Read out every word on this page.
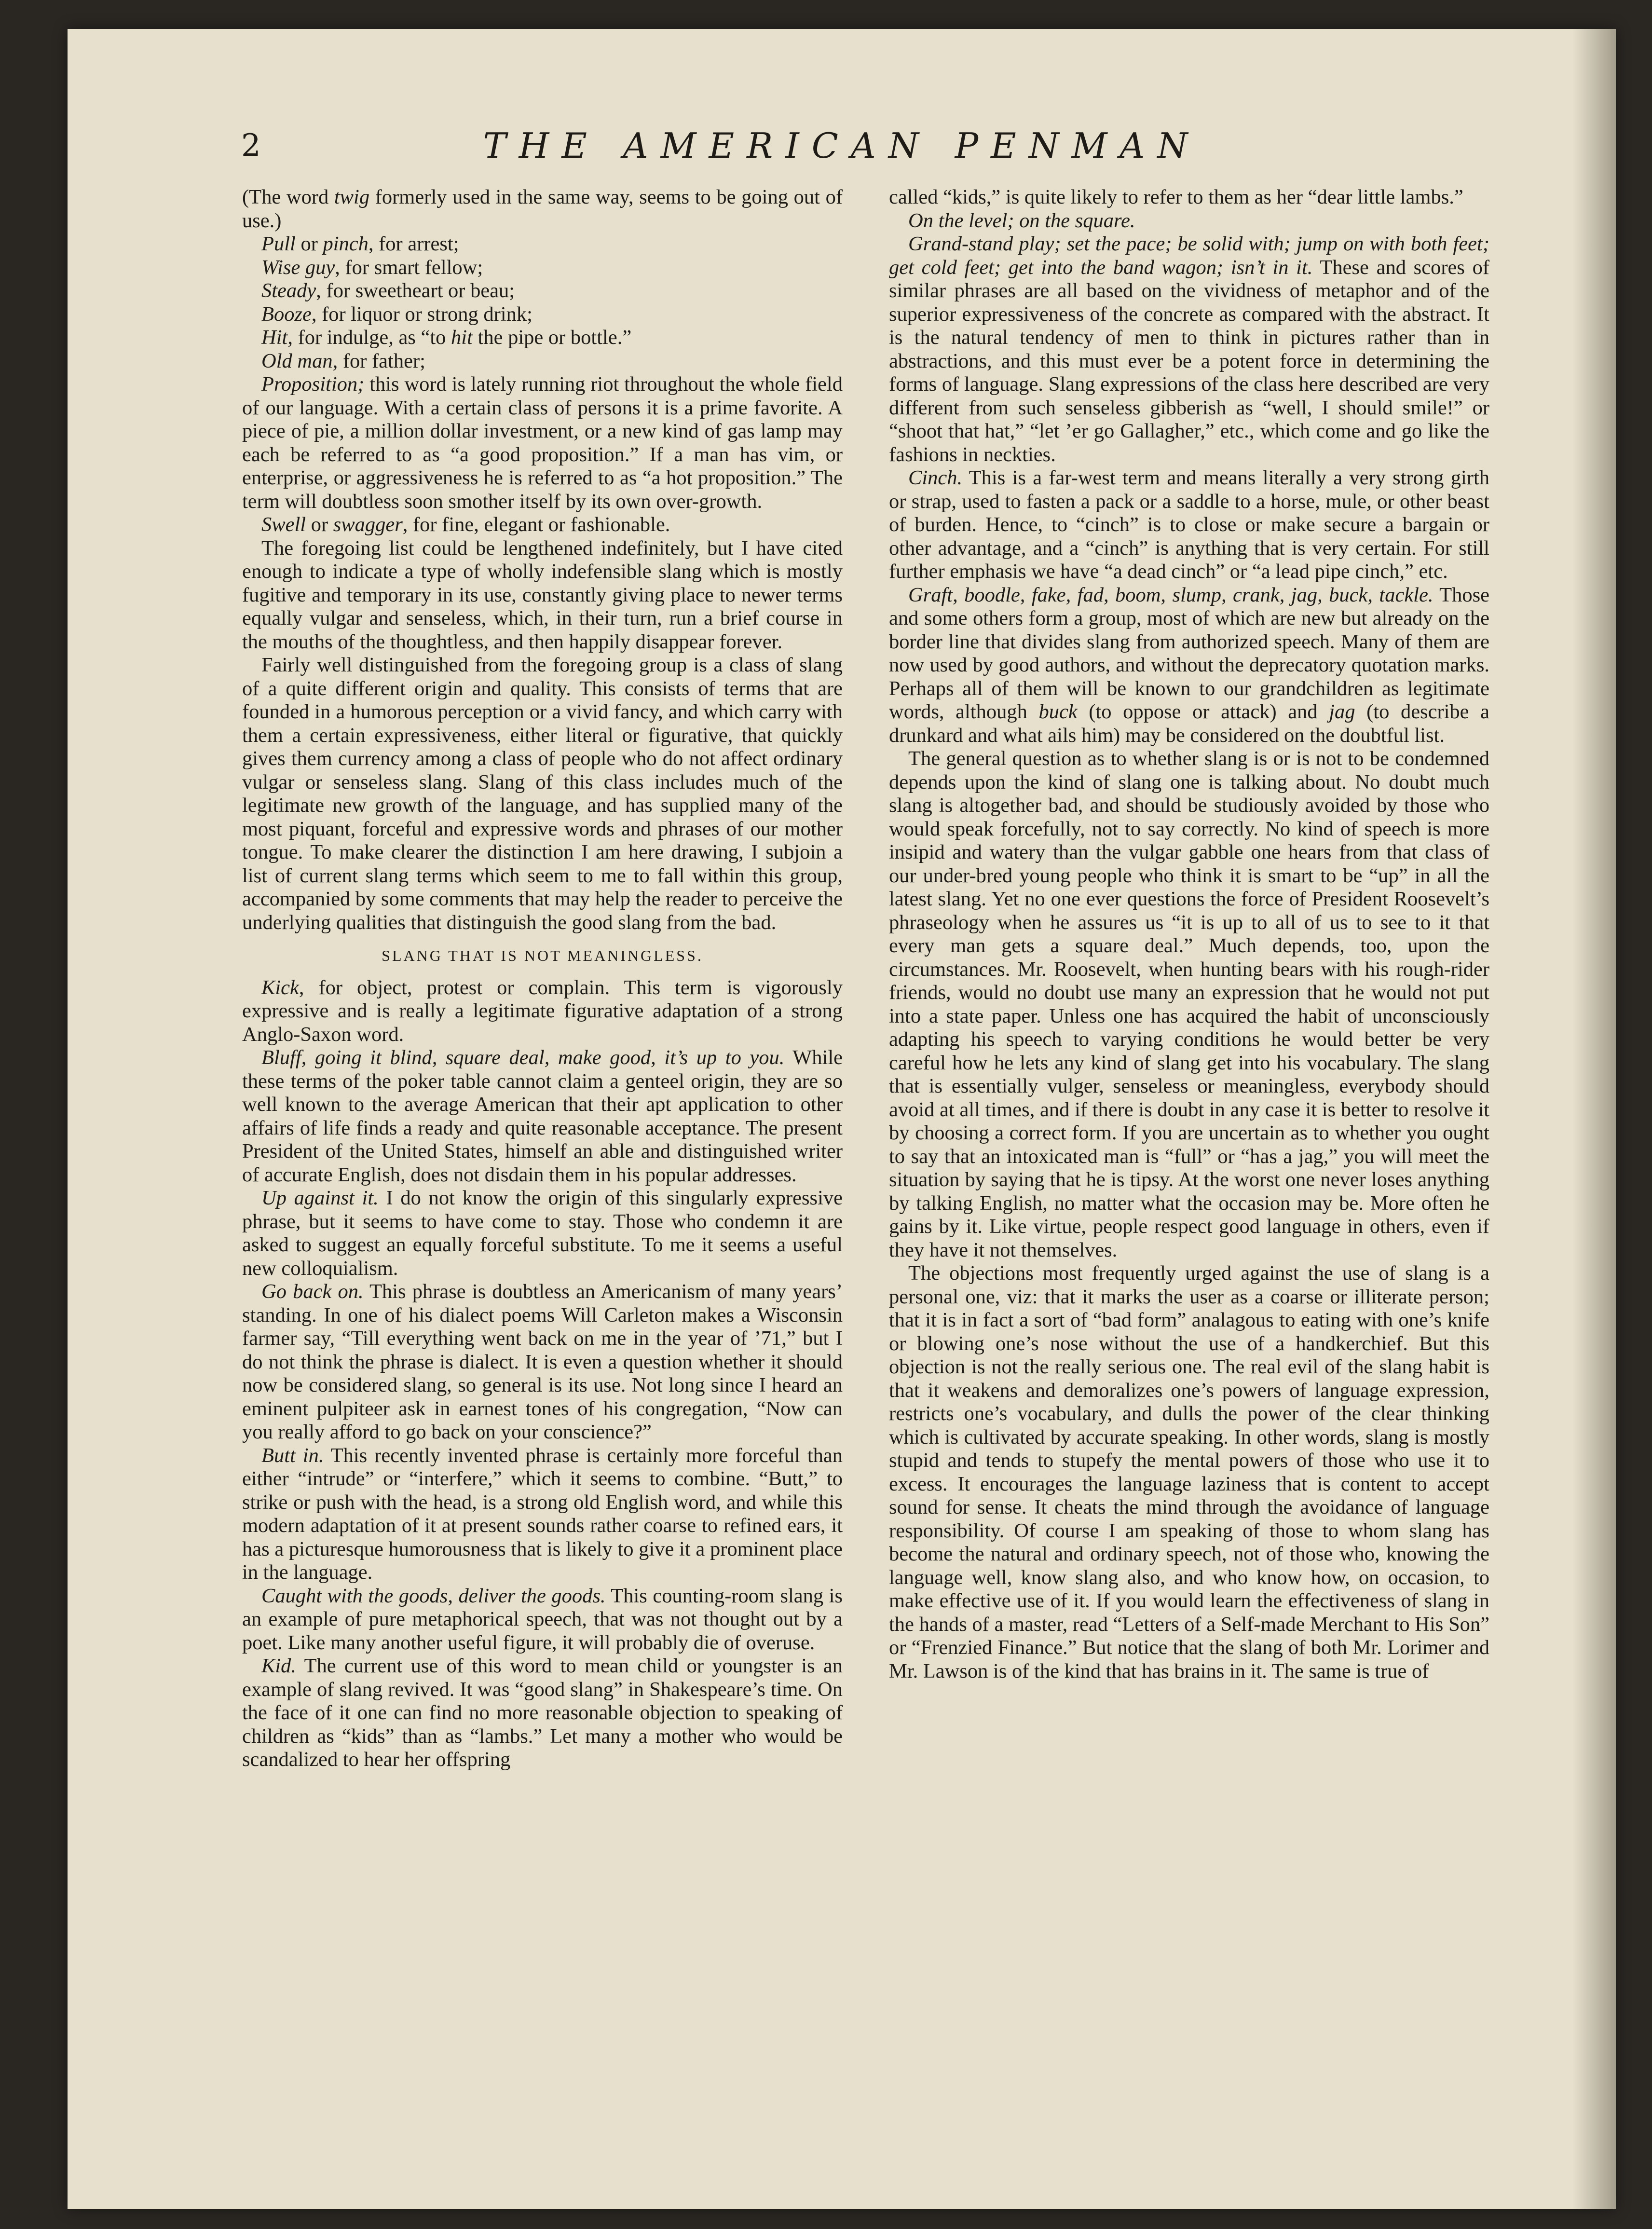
2	THE AMERICAN PENMAN

(The word twig formerly used in the same way, seems to be going out of use.)

Pull or pinch, for arrest;

Wise guy, for smart fellow;

Steady, for sweetheart or beau;

Booze, for liquor or strong drink;

Hit, for indulge, as “to hit the pipe or bottle.”

Old man, for father;

Proposition; this word is lately running riot throughout the whole field of our language. With a certain class of persons it is a prime favorite. A piece of pie, a million dollar investment, or a new kind of gas lamp may each be referred to as “a good proposition.” If a man has vim, or enterprise, or aggressiveness he is referred to as “a hot proposition.” The term will doubtless soon smother itself by its own over-growth.

Swell or swagger, for fine, elegant or fashionable.

The foregoing list could be lengthened indefinitely, but I have cited enough to indicate a type of wholly indefensible slang which is mostly fugitive and temporary in its use, constantly giving place to newer terms equally vulgar and senseless, which, in their turn, run a brief course in the mouths of the thoughtless, and then happily disappear forever.

Fairly well distinguished from the foregoing group is a class of slang of a quite different origin and quality. This consists of terms that are founded in a humorous perception or a vivid fancy, and which carry with them a certain expressiveness, either literal or figurative, that quickly gives them currency among a class of people who do not affect ordinary vulgar or senseless slang. Slang of this class includes much of the legitimate new growth of the language, and has supplied many of the most piquant, forceful and expressive words and phrases of our mother tongue. To make clearer the distinction I am here drawing, I subjoin a list of current slang terms which seem to me to fall within this group, accompanied by some comments that may help the reader to perceive the underlying qualities that distinguish the good slang from the bad.

SLANG THAT IS NOT MEANINGLESS.

Kick, for object, protest or complain. This term is vigorously expressive and is really a legitimate figurative adaptation of a strong Anglo-Saxon word.

Bluff, going it blind, square deal, make good, it’s up to you. While these terms of the poker table cannot claim a genteel origin, they are so well known to the average American that their apt application to other affairs of life finds a ready and quite reasonable acceptance. The present President of the United States, himself an able and distinguished writer of accurate English, does not disdain them in his popular addresses.

Up against it. I do not know the origin of this singularly expressive phrase, but it seems to have come to stay. Those who condemn it are asked to suggest an equally forceful substitute. To me it seems a useful new colloquialism.

Go back on. This phrase is doubtless an Americanism of many years’ standing. In one of his dialect poems Will Carleton makes a Wisconsin farmer say, “Till everything went back on me in the year of ’71,” but I do not think the phrase is dialect. It is even a question whether it should now be considered slang, so general is its use. Not long since I heard an eminent pulpiteer ask in earnest tones of his congregation, “Now can you really afford to go back on your conscience?”

Butt in. This recently invented phrase is certainly more forceful than either “intrude” or “interfere,” which it seems to combine. “Butt,” to strike or push with the head, is a strong old English word, and while this modern adaptation of it at present sounds rather coarse to refined ears, it has a picturesque humorousness that is likely to give it a prominent place in the language.

Caught with the goods, deliver the goods. This counting-room slang is an example of pure metaphorical speech, that was not thought out by a poet. Like many another useful figure, it will probably die of overuse.

Kid. The current use of this word to mean child or youngster is an example of slang revived. It was “good slang” in Shakespeare’s time. On the face of it one can find no more reasonable objection to speaking of children as “kids” than as “lambs.” Let many a mother who would be scandalized to hear her offspring

called “kids,” is quite likely to refer to them as her “dear little lambs.”

On the level; on the square.

Grand-stand play; set the pace; be solid with; jump on with both feet; get cold feet; get into the band wagon; isn’t in it. These and scores of similar phrases are all based on the vividness of metaphor and of the superior expressiveness of the concrete as compared with the abstract. It is the natural tendency of men to think in pictures rather than in abstractions, and this must ever be a potent force in determining the forms of language. Slang expressions of the class here described are very different from such senseless gibberish as “well, I should smile!” or “shoot that hat,” “let ’er go Gallagher,” etc., which come and go like the fashions in neckties.

Cinch. This is a far-west term and means literally a very strong girth or strap, used to fasten a pack or a saddle to a horse, mule, or other beast of burden. Hence, to “cinch” is to close or make secure a bargain or other advantage, and a “cinch” is anything that is very certain. For still further emphasis we have “a dead cinch” or “a lead pipe cinch,” etc.

Graft, boodle, fake, fad, boom, slump, crank, jag, buck, tackle. Those and some others form a group, most of which are new but already on the border line that divides slang from authorized speech. Many of them are now used by good authors, and without the deprecatory quotation marks. Perhaps all of them will be known to our grandchildren as legitimate words, although buck (to oppose or attack) and jag (to describe a drunkard and what ails him) may be considered on the doubtful list.

The general question as to whether slang is or is not to be condemned depends upon the kind of slang one is talking about. No doubt much slang is altogether bad, and should be studiously avoided by those who would speak forcefully, not to say correctly. No kind of speech is more insipid and watery than the vulgar gabble one hears from that class of our under-bred young people who think it is smart to be “up” in all the latest slang. Yet no one ever questions the force of President Roosevelt’s phraseology when he assures us “it is up to all of us to see to it that every man gets a square deal.” Much depends, too, upon the circumstances. Mr. Roosevelt, when hunting bears with his rough-rider friends, would no doubt use many an expression that he would not put into a state paper. Unless one has acquired the habit of unconsciously adapting his speech to varying conditions he would better be very careful how he lets any kind of slang get into his vocabulary. The slang that is essentially vulger, senseless or meaningless, everybody should avoid at all times, and if there is doubt in any case it is better to resolve it by choosing a correct form. If you are uncertain as to whether you ought to say that an intoxicated man is “full” or “has a jag,” you will meet the situation by saying that he is tipsy. At the worst one never loses anything by talking English, no matter what the occasion may be. More often he gains by it. Like virtue, people respect good language in others, even if they have it not themselves.

The objections most frequently urged against the use of slang is a personal one, viz: that it marks the user as a coarse or illiterate person; that it is in fact a sort of “bad form” analagous to eating with one’s knife or blowing one’s nose without the use of a handkerchief. But this objection is not the really serious one. The real evil of the slang habit is that it weakens and demoralizes one’s powers of language expression, restricts one’s vocabulary, and dulls the power of the clear thinking which is cultivated by accurate speaking. In other words, slang is mostly stupid and tends to stupefy the mental powers of those who use it to excess. It encourages the language laziness that is content to accept sound for sense. It cheats the mind through the avoidance of language responsibility. Of course I am speaking of those to whom slang has become the natural and ordinary speech, not of those who, knowing the language well, know slang also, and who know how, on occasion, to make effective use of it. If you would learn the effectiveness of slang in the hands of a master, read “Letters of a Self-made Merchant to His Son” or “Frenzied Finance.” But notice that the slang of both Mr. Lorimer and Mr. Lawson is of the kind that has brains in it. The same is true of
